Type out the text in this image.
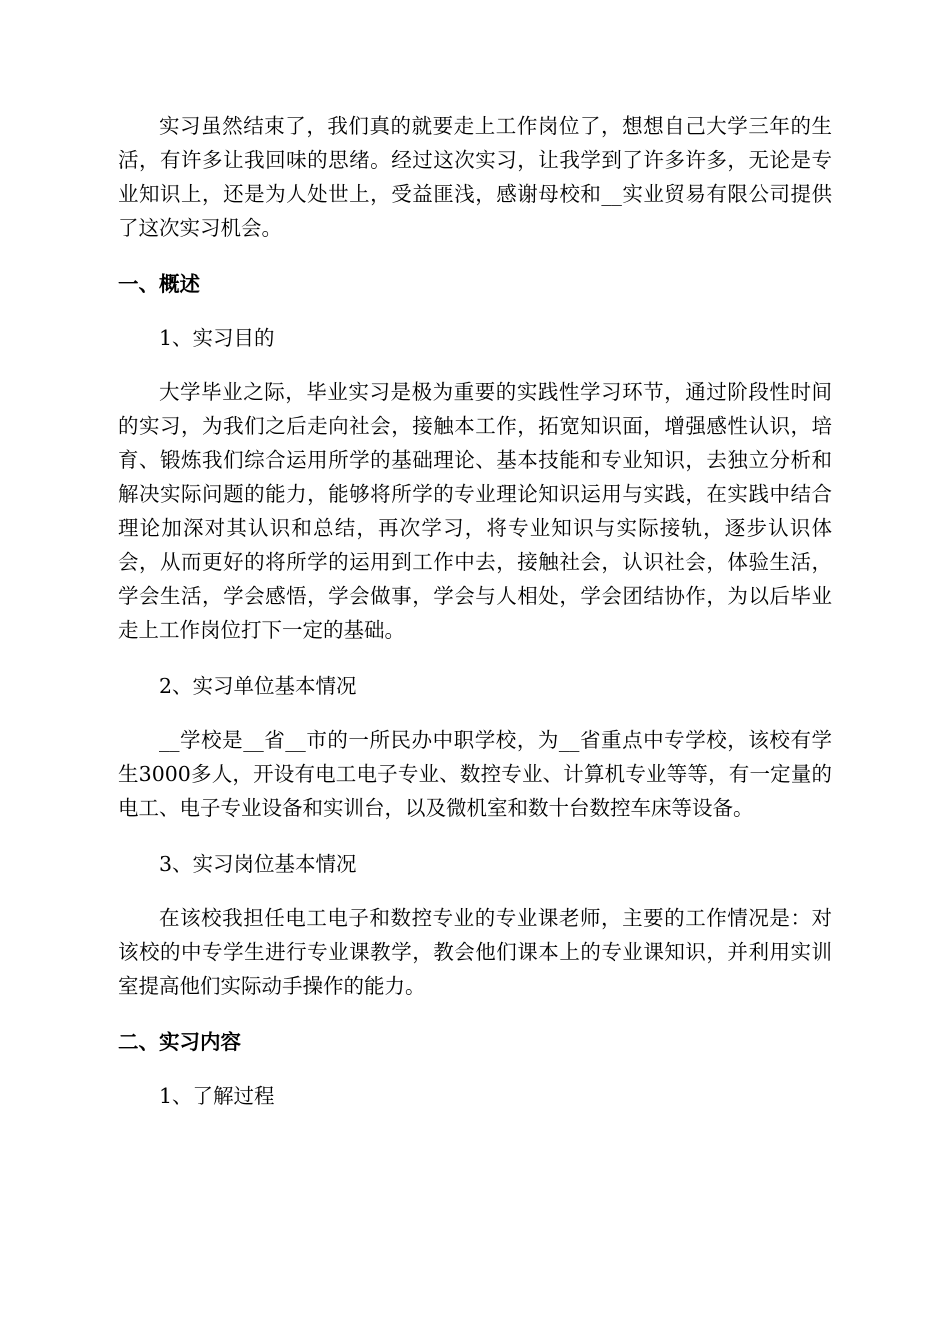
实习虽然结束了，我们真的就要走上工作岗位了，想想自己大学三年的生活，有许多让我回味的思绪。经过这次实习，让我学到了许多许多，无论是专业知识上，还是为人处世上，受益匪浅，感谢母校和__实业贸易有限公司提供了这次实习机会。

一、概述

1、实习目的

大学毕业之际，毕业实习是极为重要的实践性学习环节，通过阶段性时间的实习，为我们之后走向社会，接触本工作，拓宽知识面，增强感性认识，培育、锻炼我们综合运用所学的基础理论、基本技能和专业知识，去独立分析和解决实际问题的能力，能够将所学的专业理论知识运用与实践，在实践中结合理论加深对其认识和总结，再次学习，将专业知识与实际接轨，逐步认识体会，从而更好的将所学的运用到工作中去，接触社会，认识社会，体验生活，学会生活，学会感悟，学会做事，学会与人相处，学会团结协作，为以后毕业走上工作岗位打下一定的基础。

2、实习单位基本情况

__学校是__省__市的一所民办中职学校，为__省重点中专学校，该校有学生3000多人，开设有电工电子专业、数控专业、计算机专业等等，有一定量的电工、电子专业设备和实训台，以及微机室和数十台数控车床等设备。

3、实习岗位基本情况

在该校我担任电工电子和数控专业的专业课老师，主要的工作情况是：对该校的中专学生进行专业课教学，教会他们课本上的专业课知识，并利用实训室提高他们实际动手操作的能力。

二、实习内容

1、了解过程
